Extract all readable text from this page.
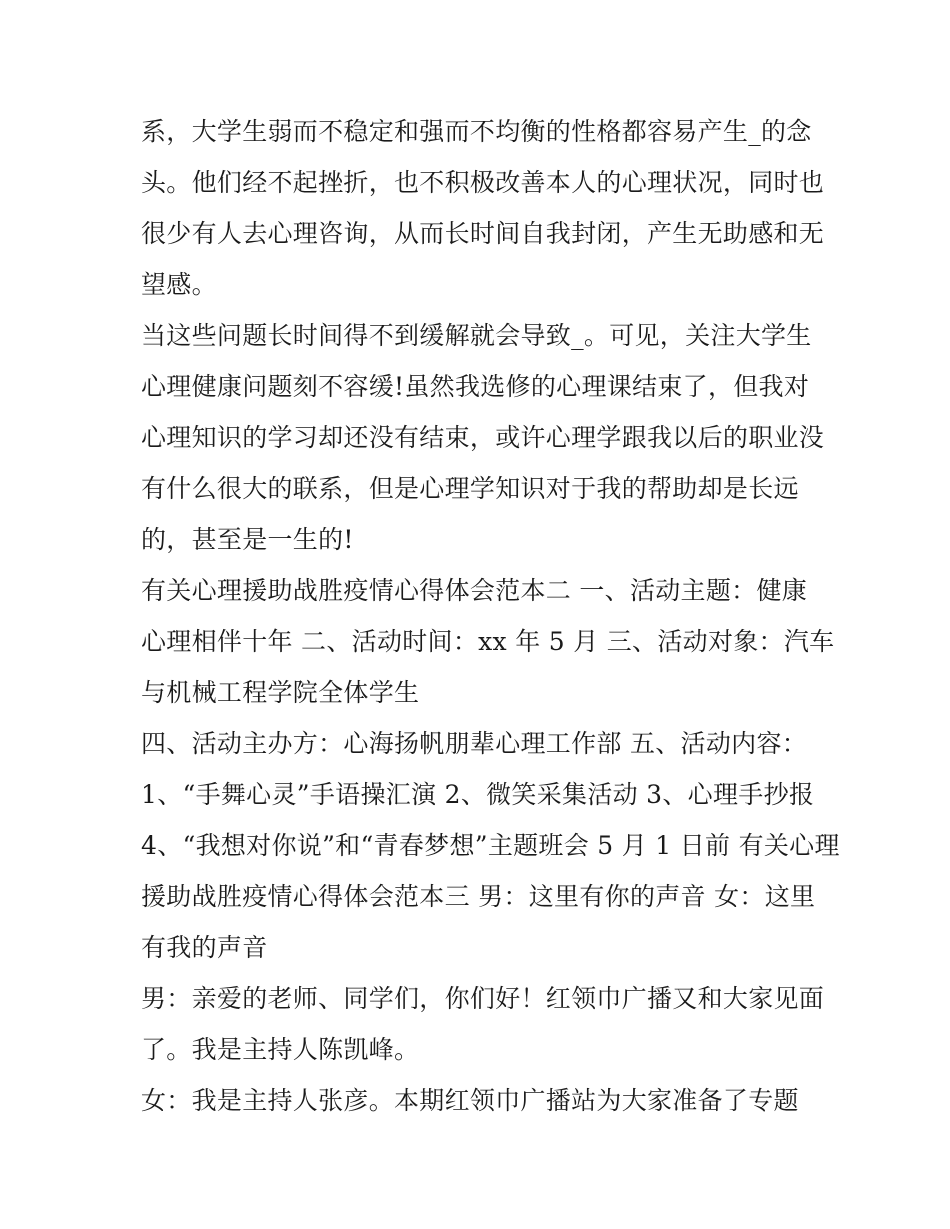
系，大学生弱而不稳定和强而不均衡的性格都容易产生_的念
头。他们经不起挫折，也不积极改善本人的心理状况，同时也
很少有人去心理咨询，从而长时间自我封闭，产生无助感和无
望感。
当这些问题长时间得不到缓解就会导致_。可见，关注大学生
心理健康问题刻不容缓!虽然我选修的心理课结束了，但我对
心理知识的学习却还没有结束，或许心理学跟我以后的职业没
有什么很大的联系，但是心理学知识对于我的帮助却是长远
的，甚至是一生的!
有关心理援助战胜疫情心得体会范本二 一、活动主题：健康
心理相伴十年 二、活动时间：xx 年 5 月 三、活动对象：汽车
与机械工程学院全体学生
四、活动主办方：心海扬帆朋辈心理工作部 五、活动内容：
1、“手舞心灵”手语操汇演 2、微笑采集活动 3、心理手抄报
4、“我想对你说”和“青春梦想”主题班会 5 月 1 日前 有关心理
援助战胜疫情心得体会范本三 男：这里有你的声音 女：这里
有我的声音
男：亲爱的老师、同学们，你们好！红领巾广播又和大家见面
了。我是主持人陈凯峰。
女：我是主持人张彦。本期红领巾广播站为大家准备了专题
